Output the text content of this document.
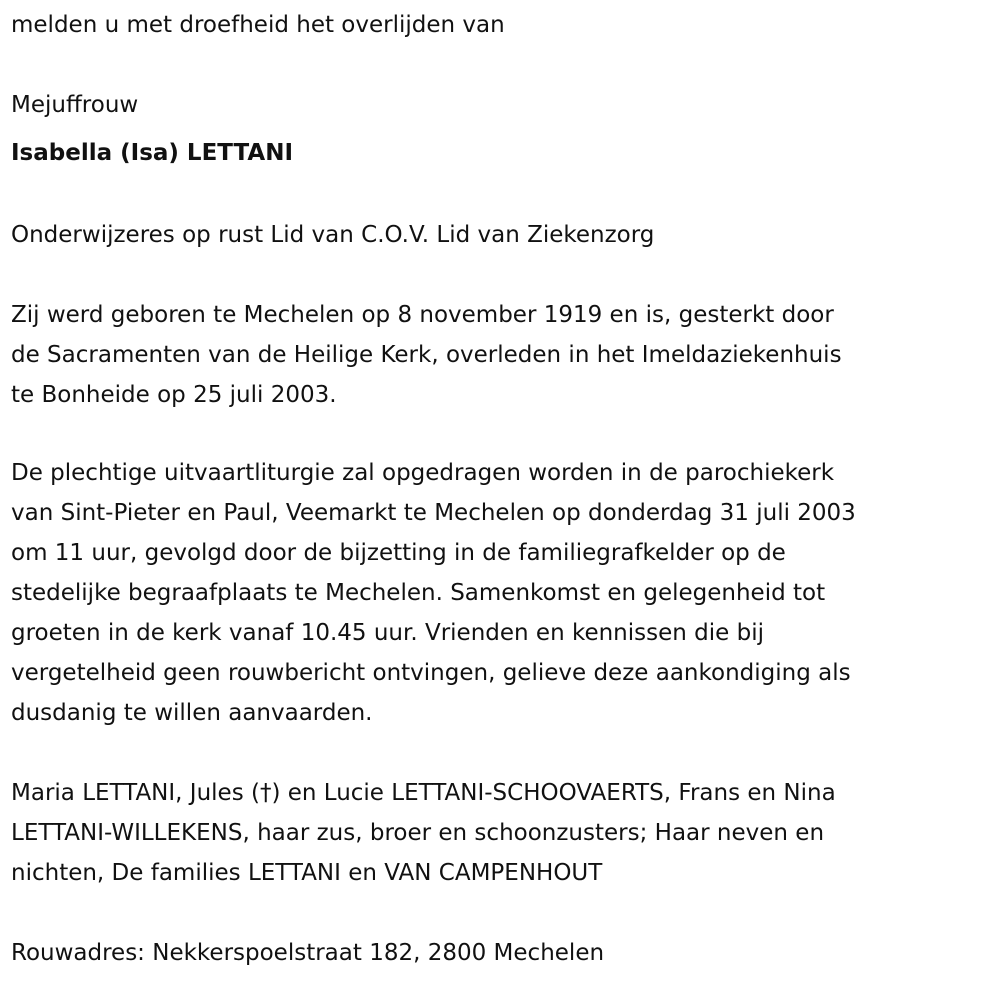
melden u met droefheid het overlijden van
Mejuffrouw
Isabella (Isa) LETTANI
Onderwijzeres op rust Lid van C.O.V. Lid van Ziekenzorg
Zij werd geboren te Mechelen op 8 november 1919 en is, gesterkt door
de Sacramenten van de Heilige Kerk, overleden in het Imeldaziekenhuis
te Bonheide op 25 juli 2003.
De plechtige uitvaartliturgie zal opgedragen worden in de parochiekerk
van Sint-Pieter en Paul, Veemarkt te Mechelen op donderdag 31 juli 2003
om 11 uur, gevolgd door de bijzetting in de familiegrafkelder op de
stedelijke begraafplaats te Mechelen. Samenkomst en gelegenheid tot
groeten in de kerk vanaf 10.45 uur. Vrienden en kennissen die bij
vergetelheid geen rouwbericht ontvingen, gelieve deze aankondiging als
dusdanig te willen aanvaarden.
Maria LETTANI, Jules (†) en Lucie LETTANI-SCHOOVAERTS, Frans en Nina
LETTANI-WILLEKENS, haar zus, broer en schoonzusters; Haar neven en
nichten, De families LETTANI en VAN CAMPENHOUT
Rouwadres: Nekkerspoelstraat 182, 2800 Mechelen
